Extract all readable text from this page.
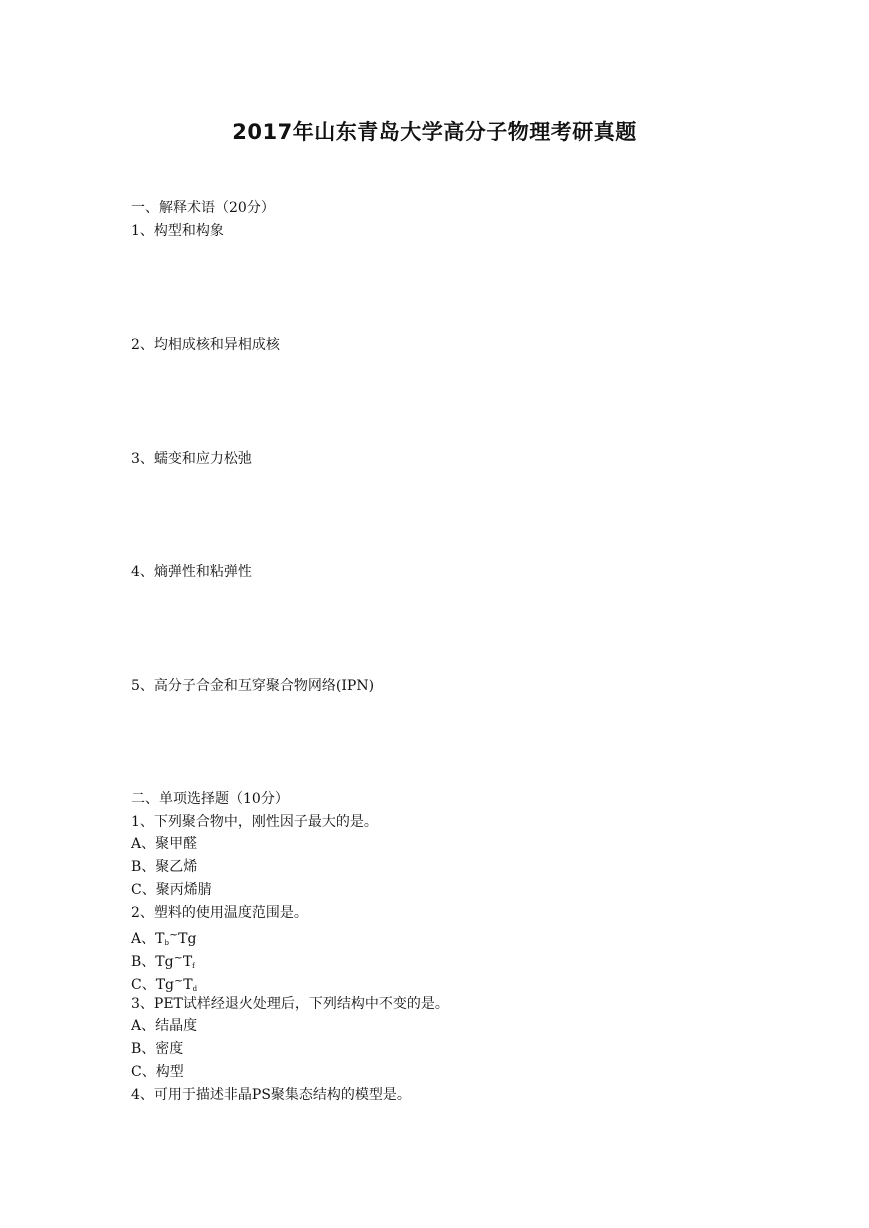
2017年山东青岛大学高分子物理考研真题
一、解释术语（20分）
1、构型和构象
2、均相成核和异相成核
3、蠕变和应力松弛
4、熵弹性和粘弹性
5、高分子合金和互穿聚合物网络(IPN)
二、单项选择题（10分）
1、下列聚合物中，刚性因子最大的是。
A、聚甲醛
B、聚乙烯
C、聚丙烯腈
2、塑料的使用温度范围是。
A、$T_b^\sim Tg$
B、$Tg^\sim T_f$
C、$Tg^\sim T_d$
3、PET试样经退火处理后，下列结构中不变的是。
A、结晶度
B、密度
C、构型
4、可用于描述非晶PS聚集态结构的模型是。
